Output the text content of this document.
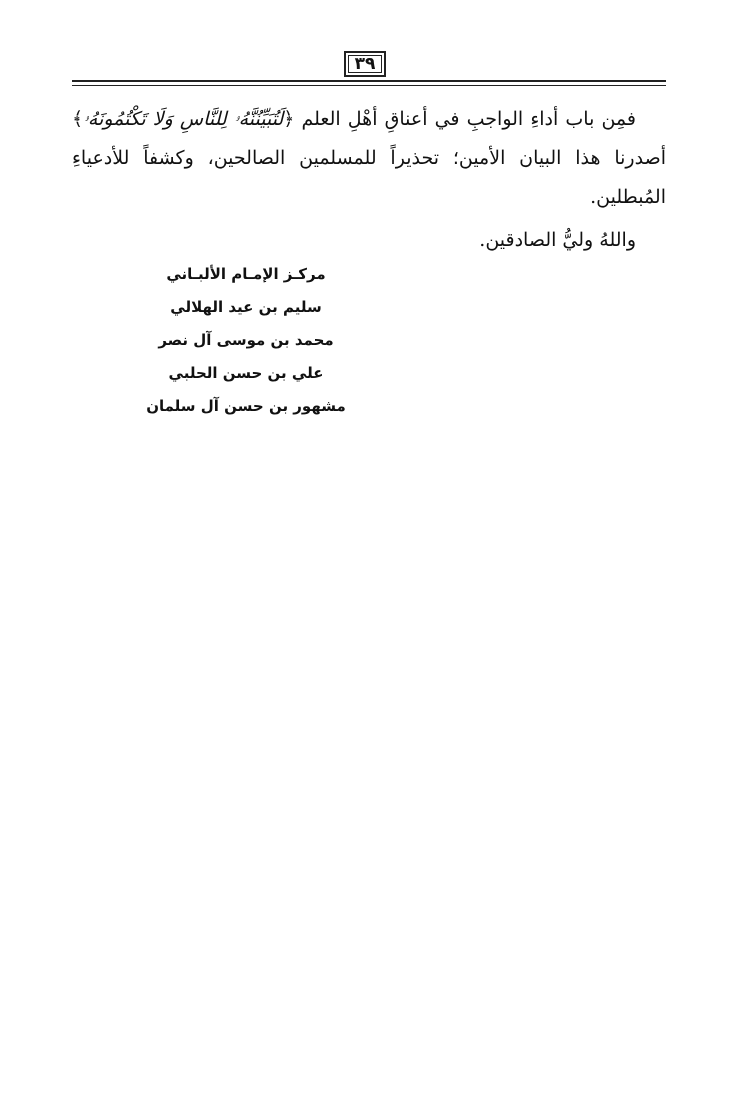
٣٩

فمِن باب أداءِ الواجبِ في أعناقِ أهْلِ العلم ﴿لَتُبَيِّنُنَّهُۥ لِلنَّاسِ وَلَا تَكْتُمُونَهُۥ﴾ أصدرنا هذا البيان الأمين؛ تحذيراً للمسلمين الصالحين، وكشفاً للأدعياءِ المُبطلين.

واللهُ وليُّ الصادقين.

مركـز الإمـام الألبـاني
سليم بن عيد الهلالي
محمد بن موسى آل نصر
علي بن حسن الحلبي
مشهور بن حسن آل سلمان
